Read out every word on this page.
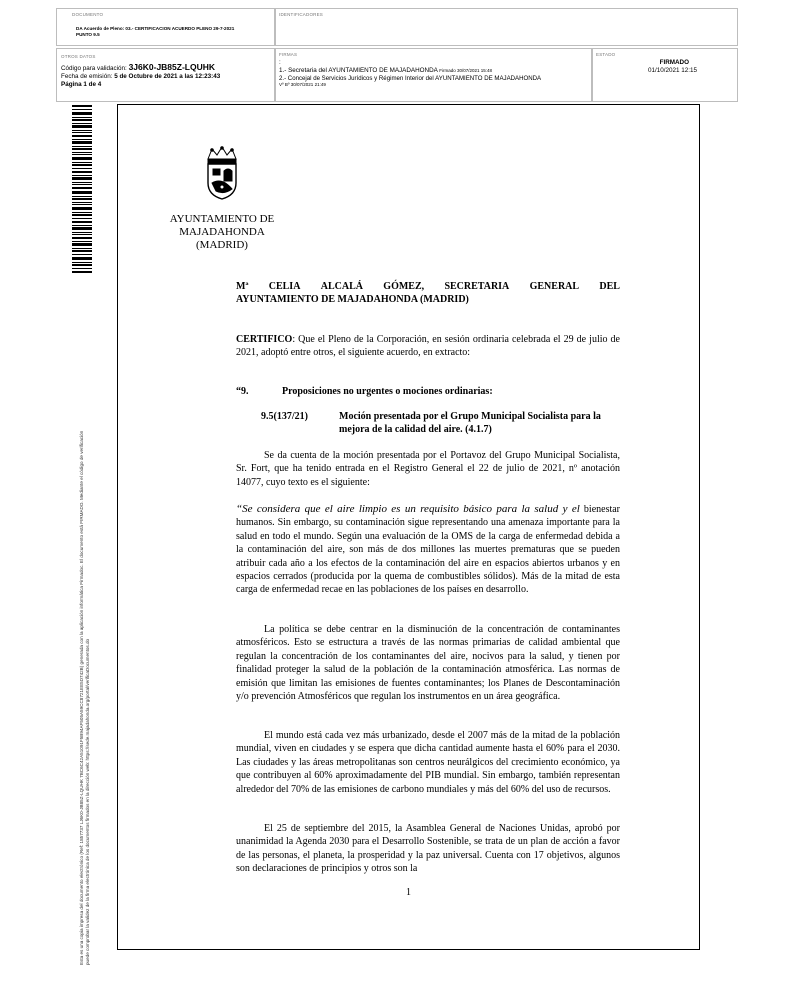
DOCUMENTO
DA Acuerdo de Pleno: 03.- CERTIFICACION ACUERDO PLENO 29-7-2021
PUNTO 9.5
IDENTIFICADORES
OTROS DATOS
Código para validación: 3J6K0-JB85Z-LQUHK
Fecha de emisión: 5 de Octubre de 2021 a las 12:23:43
Página 1 de 4
FIRMAS
:
1.- Secretaria del AYUNTAMIENTO DE MAJADAHONDA Firmado 30/07/2021 15:48
2.- Concejal de Servicios Jurídicos y Régimen Interior del AYUNTAMIENTO DE MAJADAHONDA
Vº Bº 30/07/2021 21:49
ESTADO
FIRMADO
01/10/2021 12:15
Esta es una copia impresa del documento electrónico (Ref: 1857737 LJ6K0-JB85Z-LQUHK 7BC6C42A51091F5B94AF505A59CC8721EE5D742B) generada con la aplicación informática Firmadoc. El documento está FIRMADO. Mediante el código de verificación puede comprobar la validez de la firma electrónica de los documentos firmados en la dirección web: https://sede.majadahonda.org/portal/verificaDocumentos.do
AYUNTAMIENTO DE
MAJADAHONDA
(MADRID)
Mª CELIA ALCALÁ GÓMEZ, SECRETARIA GENERAL DEL
AYUNTAMIENTO DE MAJADAHONDA (MADRID)
CERTIFICO: Que el Pleno de la Corporación, en sesión ordinaria celebrada el 29 de julio de 2021, adoptó entre otros, el siguiente acuerdo, en extracto:
“9.	Proposiciones no urgentes o mociones ordinarias:
9.5(137/21)	Moción presentada por el Grupo Municipal Socialista para la mejora de la calidad del aire. (4.1.7)
Se da cuenta de la moción presentada por el Portavoz del Grupo Municipal Socialista, Sr. Fort, que ha tenido entrada en el Registro General el 22 de julio de 2021, nº anotación 14077, cuyo texto es el siguiente:
“Se considera que el aire limpio es un requisito básico para la salud y el bienestar humanos. Sin embargo, su contaminación sigue representando una amenaza importante para la salud en todo el mundo. Según una evaluación de la OMS de la carga de enfermedad debida a la contaminación del aire, son más de dos millones las muertes prematuras que se pueden atribuir cada año a los efectos de la contaminación del aire en espacios abiertos urbanos y en espacios cerrados (producida por la quema de combustibles sólidos). Más de la mitad de esta carga de enfermedad recae en las poblaciones de los países en desarrollo.
La política se debe centrar en la disminución de la concentración de contaminantes atmosféricos. Esto se estructura a través de las normas primarias de calidad ambiental que regulan la concentración de los contaminantes del aire, nocivos para la salud, y tienen por finalidad proteger la salud de la población de la contaminación atmosférica. Las normas de emisión que limitan las emisiones de fuentes contaminantes; los Planes de Descontaminación y/o prevención Atmosféricos que regulan los instrumentos en un área geográfica.
El mundo está cada vez más urbanizado, desde el 2007 más de la mitad de la población mundial, viven en ciudades y se espera que dicha cantidad aumente hasta el 60% para el 2030. Las ciudades y las áreas metropolitanas son centros neurálgicos del crecimiento económico, ya que contribuyen al 60% aproximadamente del PIB mundial. Sin embargo, también representan alrededor del 70% de las emisiones de carbono mundiales y más del 60% del uso de recursos.
El 25 de septiembre del 2015, la Asamblea General de Naciones Unidas, aprobó por unanimidad la Agenda 2030 para el Desarrollo Sostenible, se trata de un plan de acción a favor de las personas, el planeta, la prosperidad y la paz universal. Cuenta con 17 objetivos, algunos son declaraciones de principios y otros son la
1
